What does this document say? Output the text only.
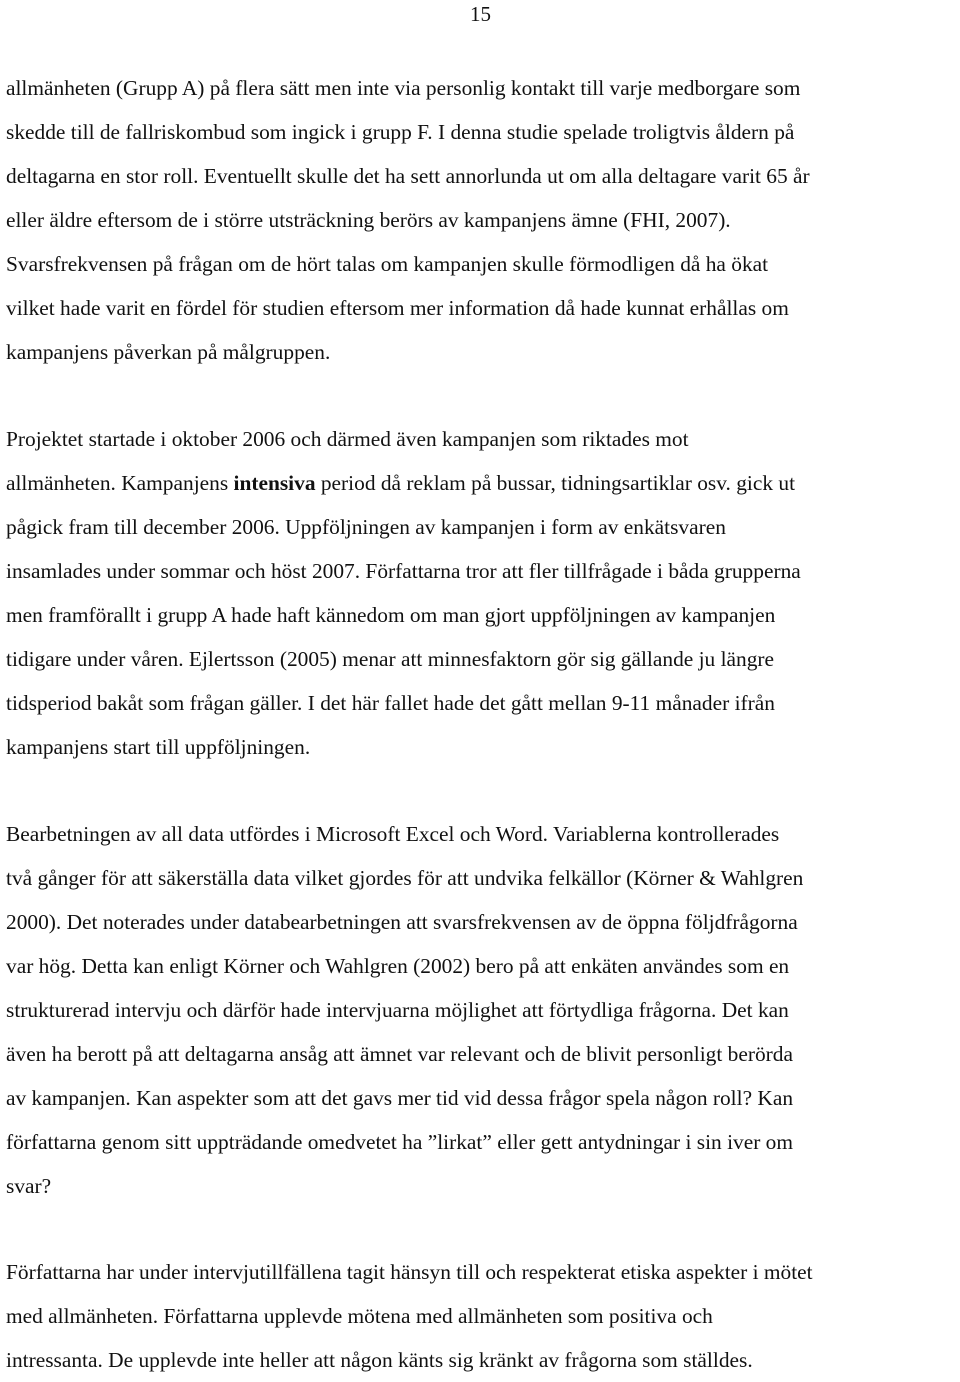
15
allmänheten (Grupp A) på flera sätt men inte via personlig kontakt till varje medborgare som
skedde till de fallriskombud som ingick i grupp F. I denna studie spelade troligtvis åldern på
deltagarna en stor roll. Eventuellt skulle det ha sett annorlunda ut om alla deltagare varit 65 år
eller äldre eftersom de i större utsträckning berörs av kampanjens ämne (FHI, 2007).
Svarsfrekvensen på frågan om de hört talas om kampanjen skulle förmodligen då ha ökat
vilket hade varit en fördel för studien eftersom mer information då hade kunnat erhållas om
kampanjens påverkan på målgruppen.
Projektet startade i oktober 2006 och därmed även kampanjen som riktades mot
allmänheten. Kampanjens intensiva period då reklam på bussar, tidningsartiklar osv. gick ut
pågick fram till december 2006. Uppföljningen av kampanjen i form av enkätsvaren
insamlades under sommar och höst 2007. Författarna tror att fler tillfrågade i båda grupperna
men framförallt i grupp A hade haft kännedom om man gjort uppföljningen av kampanjen
tidigare under våren. Ejlertsson (2005) menar att minnesfaktorn gör sig gällande ju längre
tidsperiod bakåt som frågan gäller. I det här fallet hade det gått mellan 9-11 månader ifrån
kampanjens start till uppföljningen.
Bearbetningen av all data utfördes i Microsoft Excel och Word. Variablerna kontrollerades
två gånger för att säkerställa data vilket gjordes för att undvika felkällor (Körner & Wahlgren
2000). Det noterades under databearbetningen att svarsfrekvensen av de öppna följdfrågorna
var hög. Detta kan enligt Körner och Wahlgren (2002) bero på att enkäten användes som en
strukturerad intervju och därför hade intervjuarna möjlighet att förtydliga frågorna. Det kan
även ha berott på att deltagarna ansåg att ämnet var relevant och de blivit personligt berörda
av kampanjen. Kan aspekter som att det gavs mer tid vid dessa frågor spela någon roll? Kan
författarna genom sitt uppträdande omedvetet ha ”lirkat” eller gett antydningar i sin iver om
svar?
Författarna har under intervjutillfällena tagit hänsyn till och respekterat etiska aspekter i mötet
med allmänheten. Författarna upplevde mötena med allmänheten som positiva och
intressanta. De upplevde inte heller att någon känts sig kränkt av frågorna som ställdes.
